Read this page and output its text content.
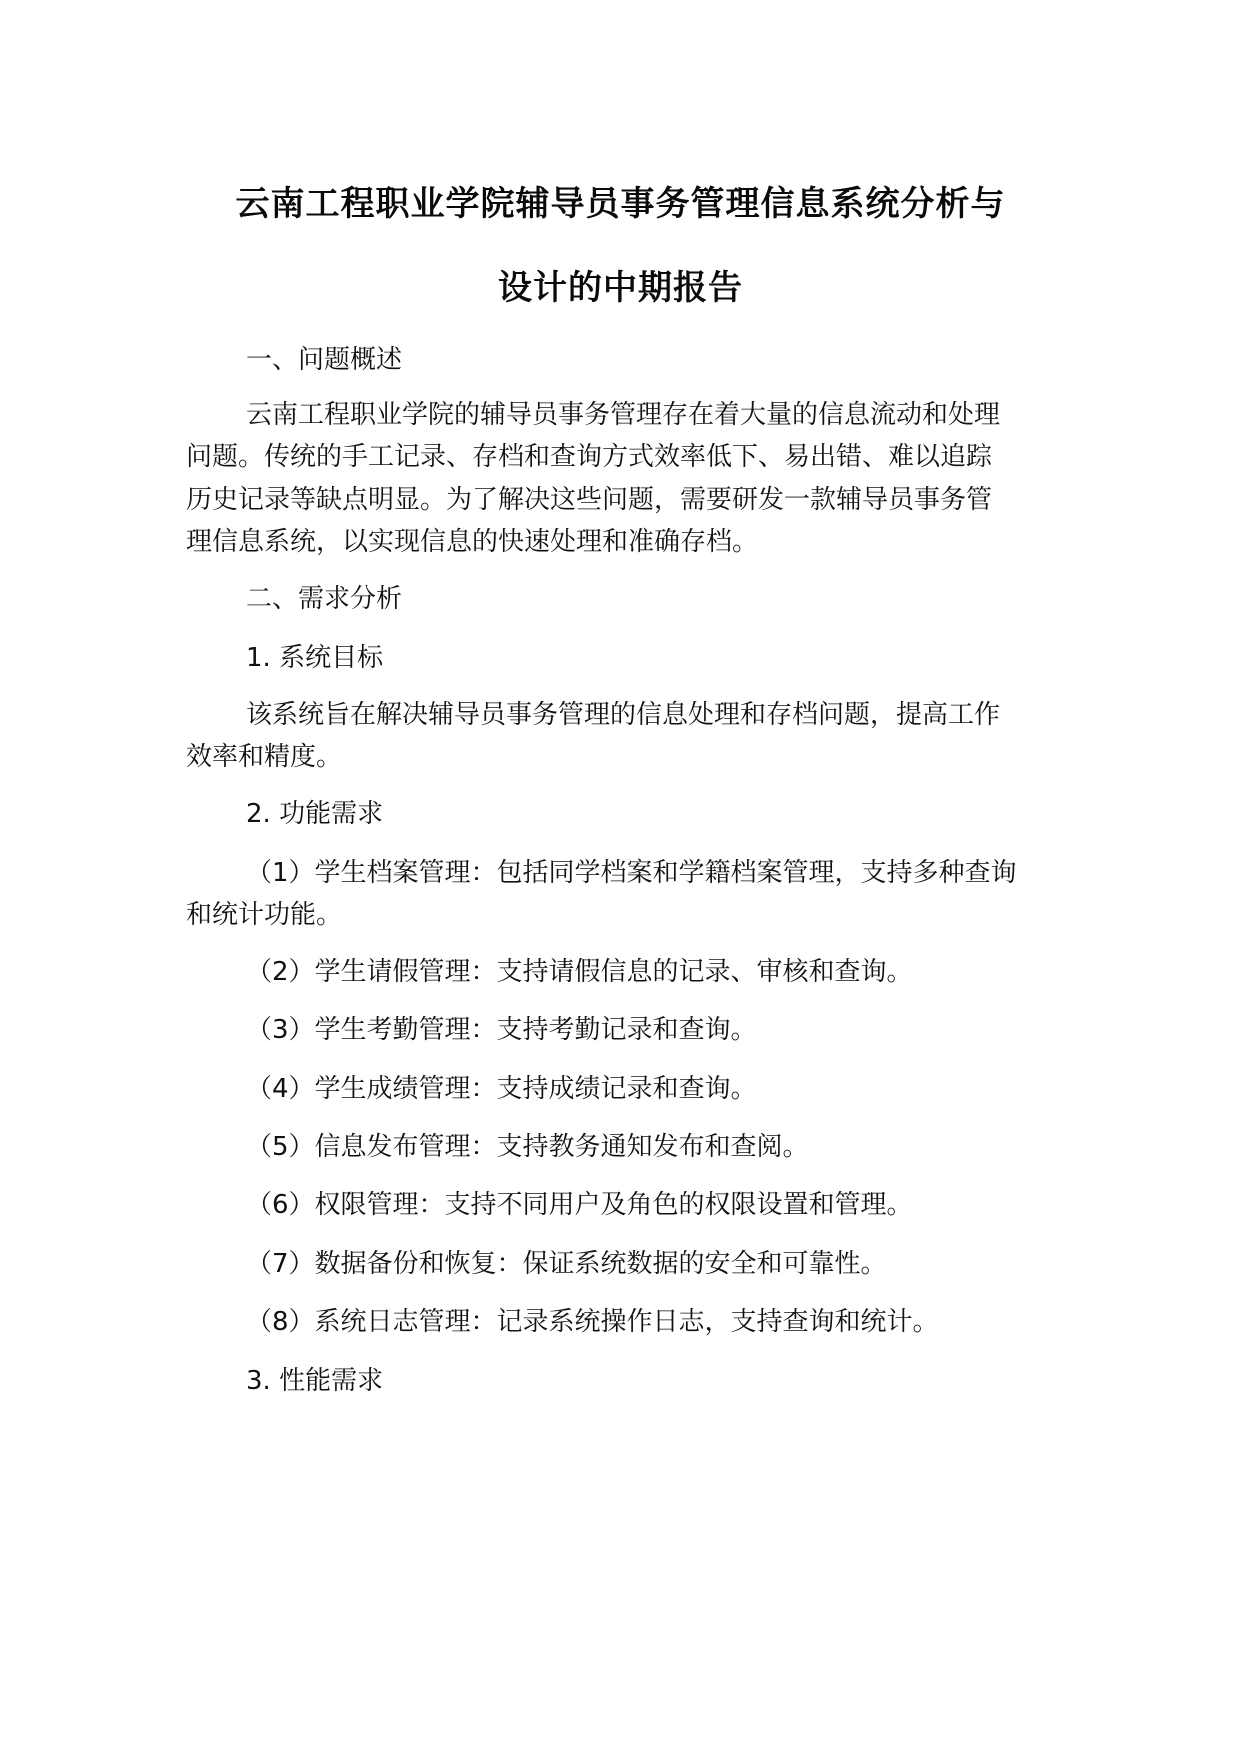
云南工程职业学院辅导员事务管理信息系统分析与
设计的中期报告
一、问题概述
云南工程职业学院的辅导员事务管理存在着大量的信息流动和处理
问题。传统的手工记录、存档和查询方式效率低下、易出错、难以追踪
历史记录等缺点明显。为了解决这些问题，需要研发一款辅导员事务管
理信息系统，以实现信息的快速处理和准确存档。
二、需求分析
1. 系统目标
该系统旨在解决辅导员事务管理的信息处理和存档问题，提高工作
效率和精度。
2. 功能需求
（1）学生档案管理：包括同学档案和学籍档案管理，支持多种查询
和统计功能。
（2）学生请假管理：支持请假信息的记录、审核和查询。
（3）学生考勤管理：支持考勤记录和查询。
（4）学生成绩管理：支持成绩记录和查询。
（5）信息发布管理：支持教务通知发布和查阅。
（6）权限管理：支持不同用户及角色的权限设置和管理。
（7）数据备份和恢复：保证系统数据的安全和可靠性。
（8）系统日志管理：记录系统操作日志，支持查询和统计。
3. 性能需求
